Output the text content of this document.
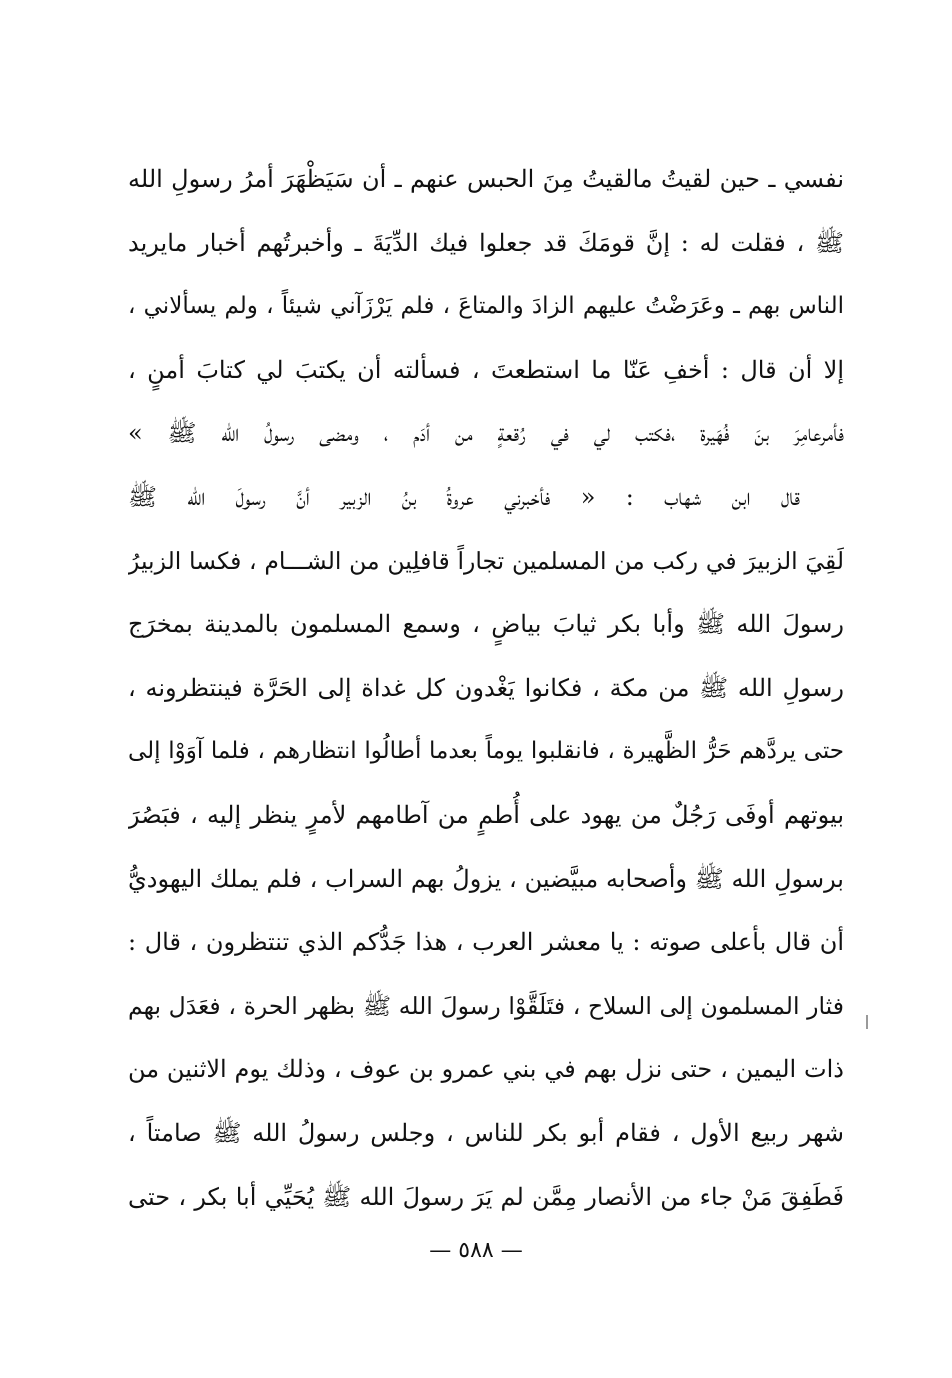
نفسي ـ حين لقيتُ مالقيتُ مِنَ الحبس عنهم ـ أن سَيَظْهَرَ أمرُ رسولِ الله
ﷺ ، فقلت له : إنَّ قومَكَ قد جعلوا فيك الدِّيَةَ ـ وأخبرتُهم أخبار مايريد
الناس بهم ـ وعَرَضْتُ عليهم الزادَ والمتاعَ ، فلم يَرْزَآني شيئاً ، ولم يسألاني ،
إلا أن قال : أخفِ عَنّا ما استطعتَ ، فسألته أن يكتبَ لي كتابَ أمنٍ ،
فأمرعامِرَ بنَ فُهَيرة ،فكتب لي في رُقعةٍ من أدَم ، ومضى رسولُ الله ﷺ »
قال ابن شهاب : « فأخبرني عروةُ بنُ الزبير أنَّ رسولَ الله ﷺ
لَقِيَ الزبيرَ في ركب من المسلمين تجاراً قافلِين من الشـــام ، فكسا الزبيرُ
رسولَ الله ﷺ وأبا بكر ثيابَ بياضٍ ، وسمع المسلمون بالمدينة بمخرَج
رسولِ الله ﷺ من مكة ، فكانوا يَغْدون كل غداة إلى الحَرَّة فينتظرونه ،
حتى يردَّهم حَرُّ الظَّهيرة ، فانقلبوا يوماً بعدما أطالُوا انتظارهم ، فلما آوَوْا إلى
بيوتهم أوفَى رَجُلٌ من يهود على أُطمٍ من آطامهم لأمرٍ ينظر إليه ، فبَصُرَ
برسولِ الله ﷺ وأصحابه مبيَّضين ، يزولُ بهم السراب ، فلم يملك اليهوديُّ
أن قال بأعلى صوته : يا معشر العرب ، هذا جَدُّكم الذي تنتظرون ، قال :
فثار المسلمون إلى السلاح ، فتَلَقَّوْا رسولَ الله ﷺ بظهر الحرة ، فعَدَل بهم
ذات اليمين ، حتى نزل بهم في بني عمرو بن عوف ، وذلك يوم الاثنين من
شهر ربيع الأول ، فقام أبو بكر للناس ، وجلس رسولُ الله ﷺ صامتاً ،
فَطَفِقَ مَنْ جاء من الأنصار مِمَّن لم يَرَ رسولَ الله ﷺ يُحَيِّي أبا بكر ، حتى
— ٥٨٨ —
